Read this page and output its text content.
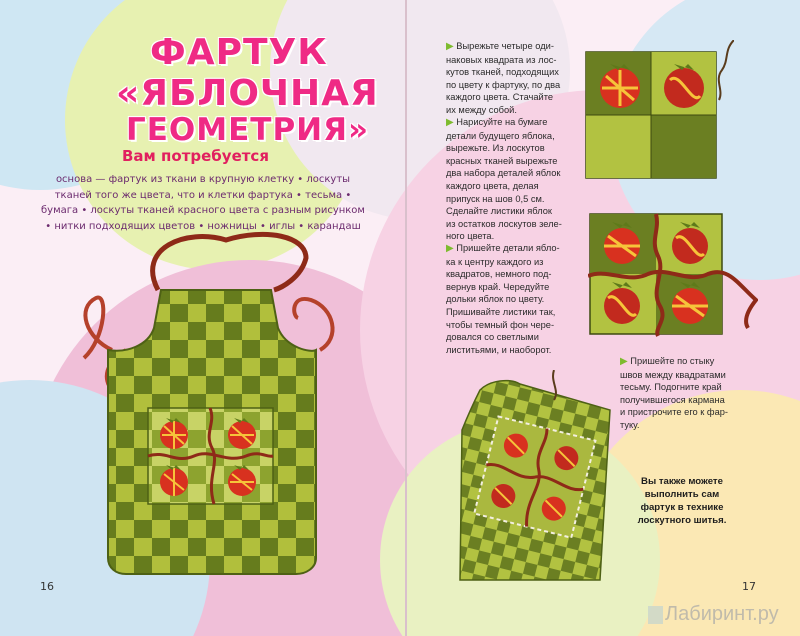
ФАРТУК
«ЯБЛОЧНАЯ
ГЕОМЕТРИЯ»
Вам потребуется
основа — фартук из ткани в крупную клетку • лоскуты тканей того же цвета, что и клетки фартука • тесьма • бумага • лоскуты тканей красного цвета с разным рисунком • нитки подходящих цветов • ножницы • иглы • карандаш
16
▶ Вырежьте четыре оди-
наковых квадрата из лос-
кутов тканей, подходящих
по цвету к фартуку, по два
каждого цвета. Стачайте
их между собой.
▶ Нарисуйте на бумаге
детали будущего яблока,
вырежьте. Из лоскутов
красных тканей вырежьте
два набора деталей яблок
каждого цвета, делая
припуск на шов 0,5 см.
Сделайте листики яблок
из остатков лоскутов зеле-
ного цвета.
▶ Пришейте детали ябло-
ка к центру каждого из
квадратов, немного под-
вернув край. Чередуйте
дольки яблок по цвету.
Пришивайте листики так,
чтобы темный фон чере-
довался со светлыми
листитьями, и наоборот.
▶ Пришейте по стыку
швов между квадратами
тесьму. Подогните край
получившегося кармана
и пристрочите его к фар-
туку.
17
Вы также можете
выполнить сам
фартук в технике
лоскутного шитья.
Лабиринт.ру
